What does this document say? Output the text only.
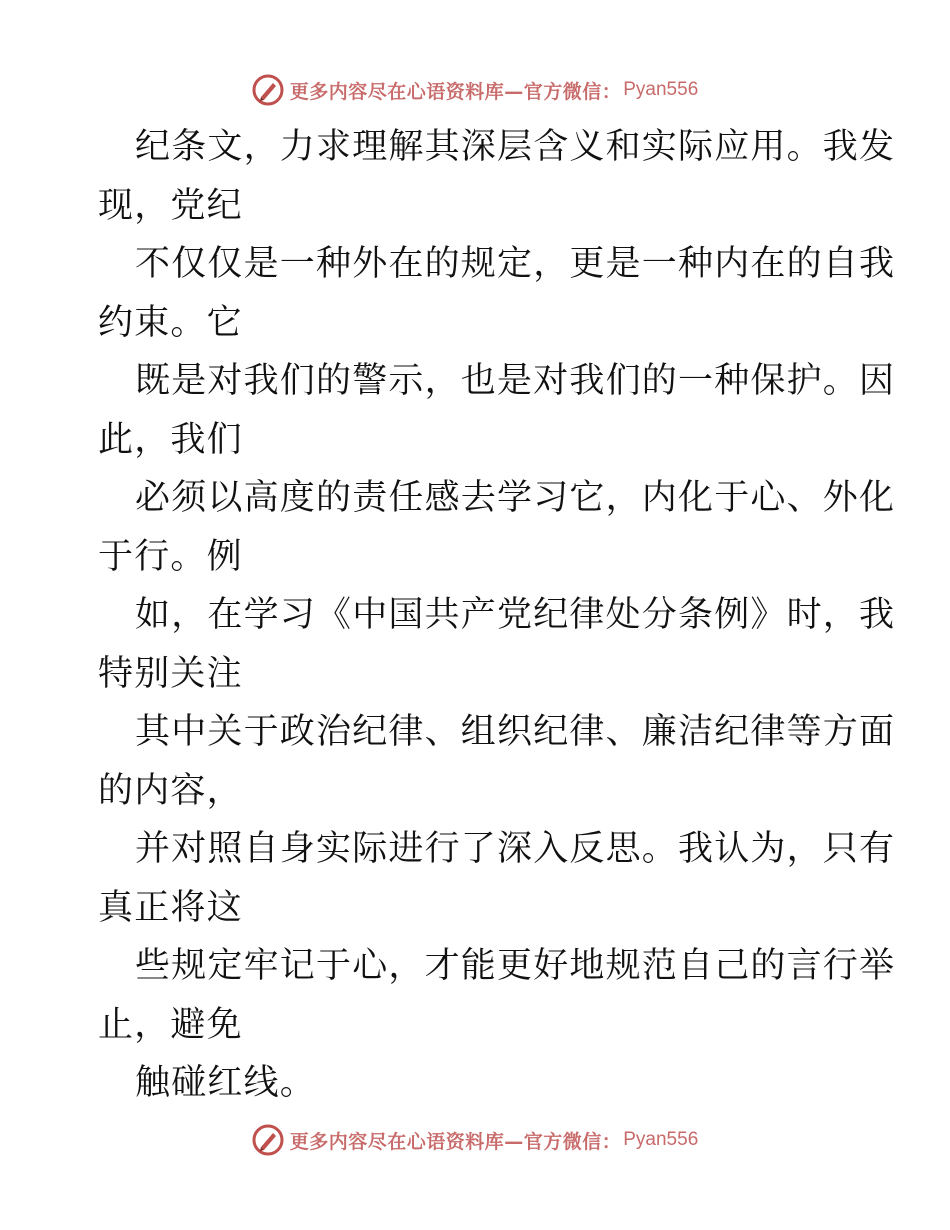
更多内容尽在心语资料库—官方微信： Pyan556
纪条文，力求理解其深层含义和实际应用。我发
现，党纪
不仅仅是一种外在的规定，更是一种内在的自我
约束。它
既是对我们的警示，也是对我们的一种保护。因
此，我们
必须以高度的责任感去学习它，内化于心、外化
于行。例
如，在学习《中国共产党纪律处分条例》时，我
特别关注
其中关于政治纪律、组织纪律、廉洁纪律等方面
的内容，
并对照自身实际进行了深入反思。我认为，只有
真正将这
些规定牢记于心，才能更好地规范自己的言行举
止，避免
触碰红线。
更多内容尽在心语资料库—官方微信： Pyan556
